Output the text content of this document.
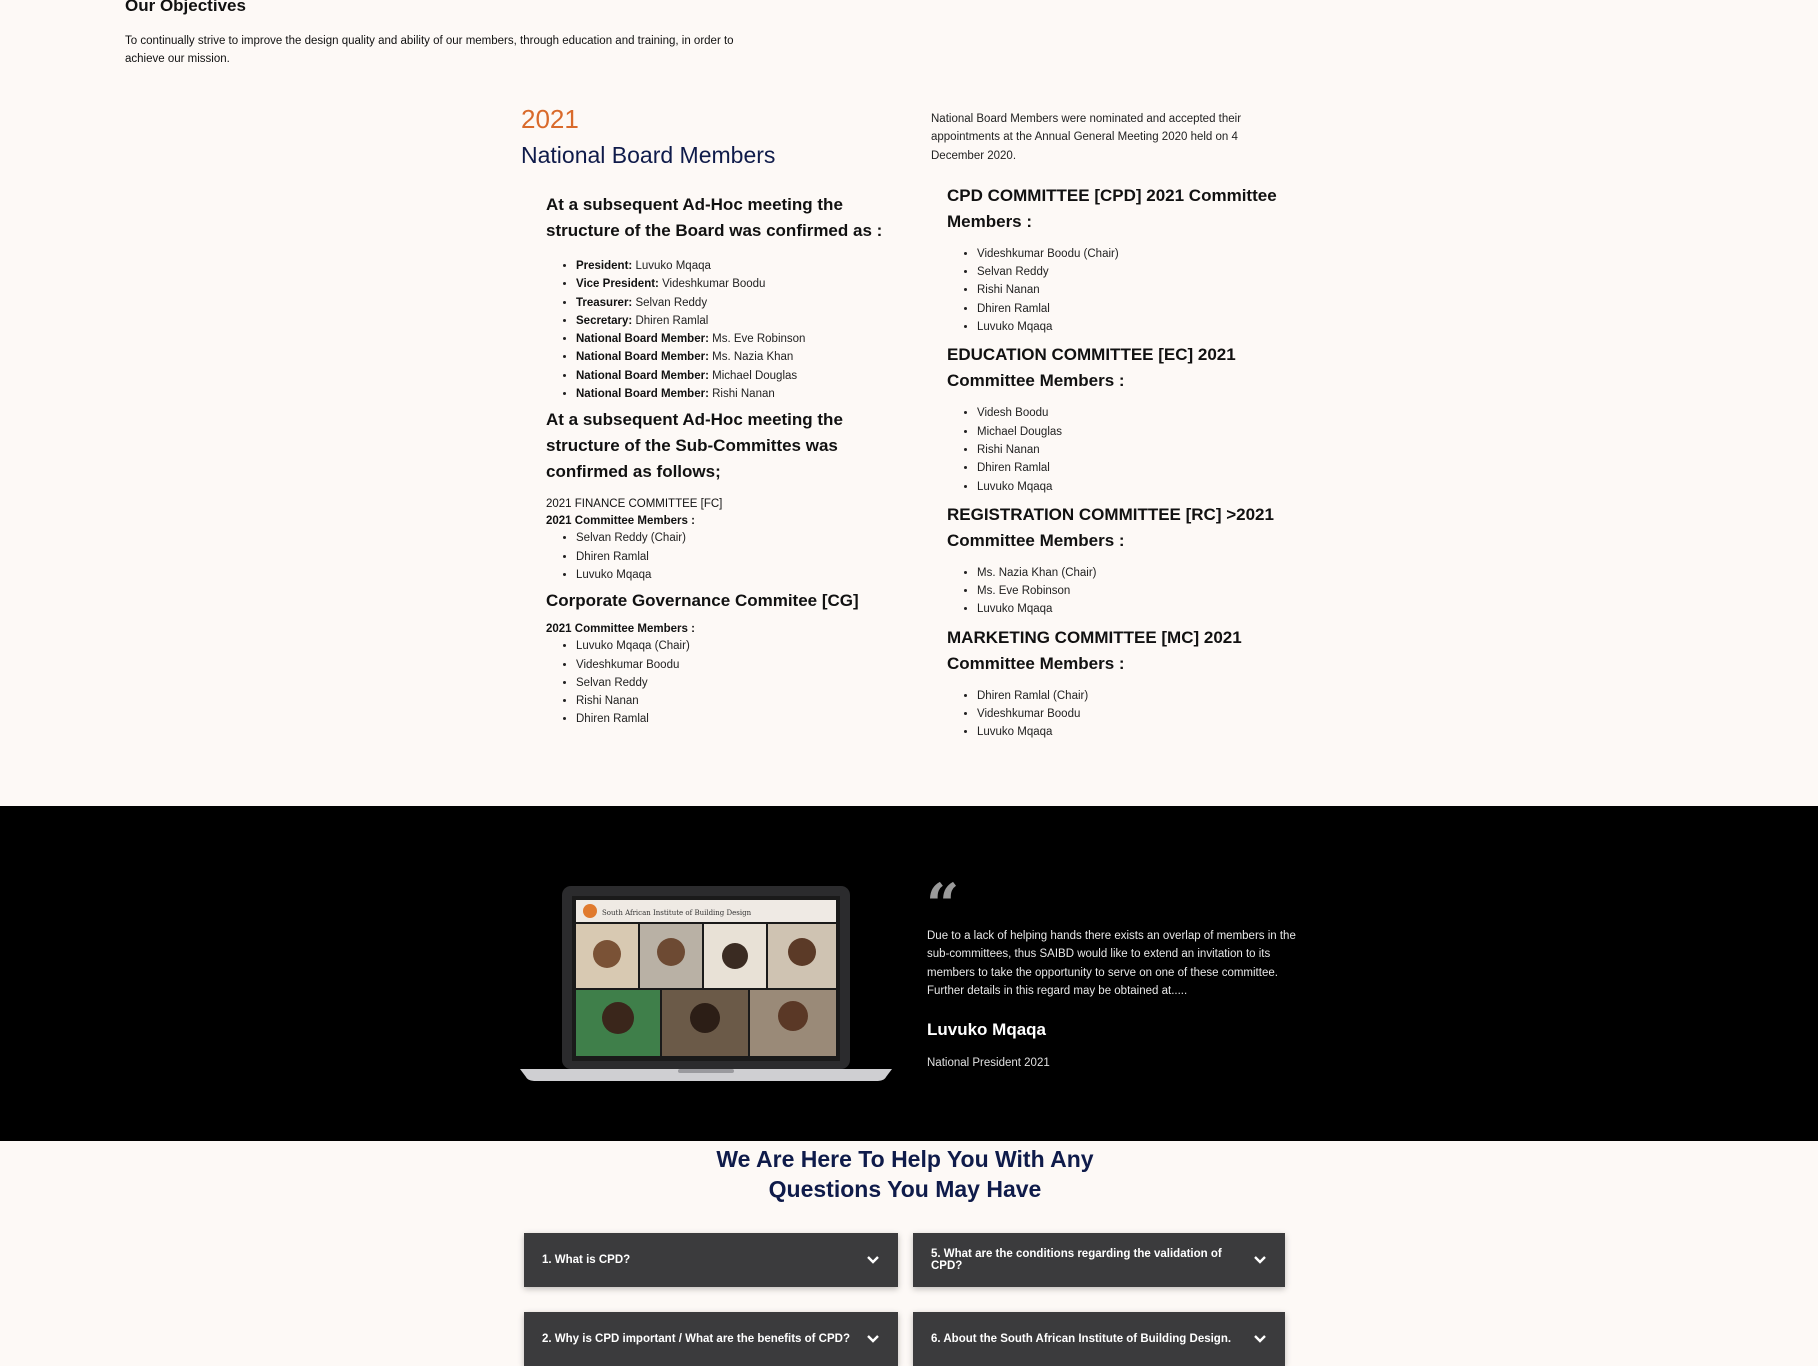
Our Objectives

To continually strive to improve the design quality and ability of our members, through education and training, in order to achieve our mission.

2021
National Board Members
At a subsequent Ad-Hoc meeting the structure of the Board was confirmed as :
• President: Luvuko Mqaqa
• Vice President: Videshkumar Boodu
• Treasurer: Selvan Reddy
• Secretary: Dhiren Ramlal
• National Board Member: Ms. Eve Robinson
• National Board Member: Ms. Nazia Khan
• National Board Member: Michael Douglas
• National Board Member: Rishi Nanan
At a subsequent Ad-Hoc meeting the structure of the Sub-Committes was confirmed as follows;

2021 FINANCE COMMITTEE [FC]

2021 Committee Members :

• Selvan Reddy (Chair)
• Dhiren Ramlal
• Luvuko Mqaqa
Corporate Governance Commitee [CG]

2021 Committee Members :

• Luvuko Mqaqa (Chair)
• Videshkumar Boodu
• Selvan Reddy
• Rishi Nanan
• Dhiren Ramlal

National Board Members were nominated and accepted their appointments at the Annual General Meeting 2020 held on 4 December 2020.

CPD COMMITTEE [CPD] 2021 Committee Members :
• Videshkumar Boodu (Chair)
• Selvan Reddy
• Rishi Nanan
• Dhiren Ramlal
• Luvuko Mqaqa
EDUCATION COMMITTEE [EC] 2021 Committee Members :
• Videsh Boodu
• Michael Douglas
• Rishi Nanan
• Dhiren Ramlal
• Luvuko Mqaqa
REGISTRATION COMMITTEE [RC] >2021 Committee Members :
• Ms. Nazia Khan (Chair)
• Ms. Eve Robinson
• Luvuko Mqaqa
MARKETING COMMITTEE [MC] 2021 Committee Members :
• Dhiren Ramlal (Chair)
• Videshkumar Boodu
• Luvuko Mqaqa
South African Institute of Building Design	“

Due to a lack of helping hands there exists an overlap of members in the sub-committees, thus SAIBD would like to extend an invitation to its members to take the opportunity to serve on one of these committee. Further details in this regard may be obtained at.....

Luvuko Mqaqa

National President 2021

We Are Here To Help You With Any
Questions You May Have
1. What is CPD?	5. What are the conditions regarding the validation of CPD?
2. Why is CPD important / What are the benefits of CPD?	6. About the South African Institute of Building Design.
